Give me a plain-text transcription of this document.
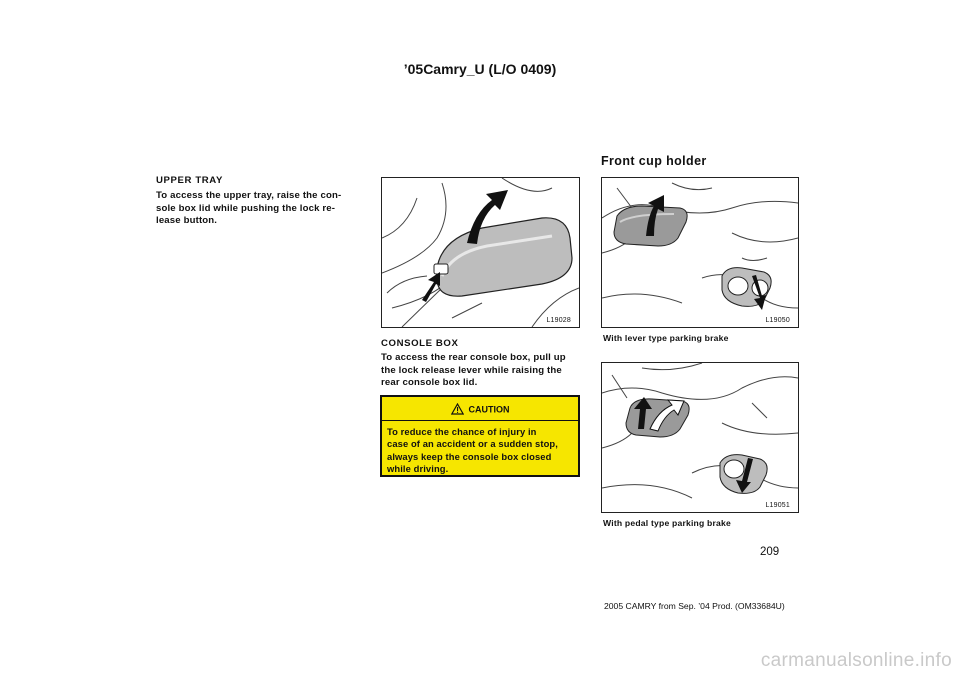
’05Camry_U (L/O 0409)
UPPER TRAY
To access the upper tray, raise the con-
sole box lid while pushing the lock re-
lease button.
L19028
CONSOLE BOX
To access the rear console box, pull up
the lock release lever while raising the
rear console box lid.
CAUTION
To reduce the chance of injury in
case of an accident or a sudden stop,
always keep the console box closed
while driving.
Front cup holder
L19050
With lever type parking brake
L19051
With pedal type parking brake
209
2005 CAMRY from Sep. ’04 Prod. (OM33684U)
carmanualsonline.info
